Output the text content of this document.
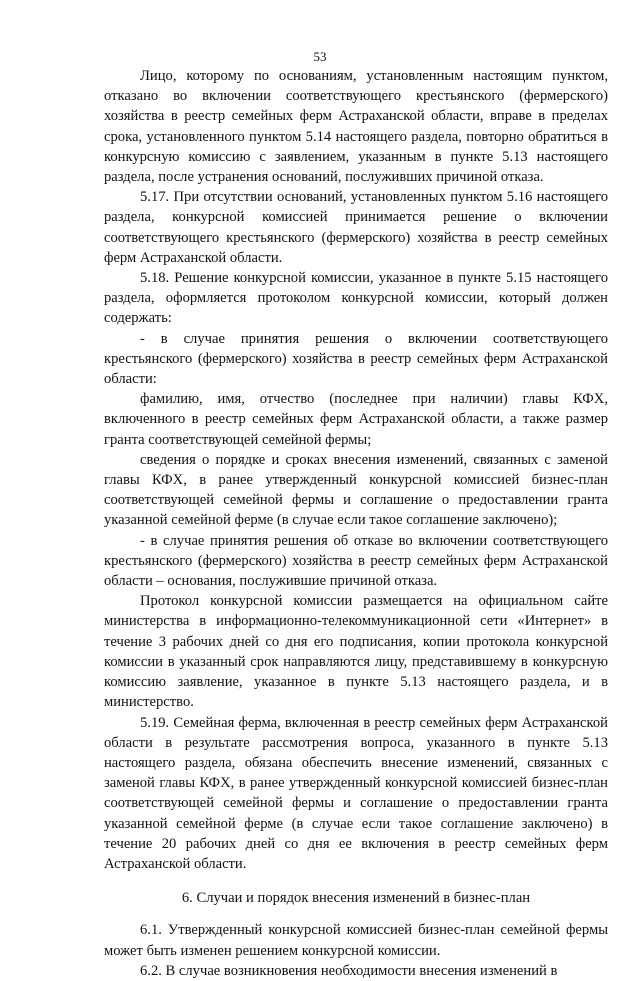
53

Лицо, которому по основаниям, установленным настоящим пунктом, отказано во включении соответствующего крестьянского (фермерского) хозяйства в реестр семейных ферм Астраханской области, вправе в пределах срока, установленного пунктом 5.14 настоящего раздела, повторно обратиться в конкурсную комиссию с заявлением, указанным в пункте 5.13 настоящего раздела, после устранения оснований, послуживших причиной отказа.

5.17. При отсутствии оснований, установленных пунктом 5.16 настоящего раздела, конкурсной комиссией принимается решение о включении соответствующего крестьянского (фермерского) хозяйства в реестр семейных ферм Астраханской области.

5.18. Решение конкурсной комиссии, указанное в пункте 5.15 настоящего раздела, оформляется протоколом конкурсной комиссии, который должен содержать:

- в случае принятия решения о включении соответствующего крестьянского (фермерского) хозяйства в реестр семейных ферм Астраханской области:

фамилию, имя, отчество (последнее при наличии) главы КФХ, включенного в реестр семейных ферм Астраханской области, а также размер гранта соответствующей семейной фермы;

сведения о порядке и сроках внесения изменений, связанных с заменой главы КФХ, в ранее утвержденный конкурсной комиссией бизнес-план соответствующей семейной фермы и соглашение о предоставлении гранта указанной семейной ферме (в случае если такое соглашение заключено);

- в случае принятия решения об отказе во включении соответствующего крестьянского (фермерского) хозяйства в реестр семейных ферм Астраханской области – основания, послужившие причиной отказа.

Протокол конкурсной комиссии размещается на официальном сайте министерства в информационно-телекоммуникационной сети «Интернет» в течение 3 рабочих дней со дня его подписания, копии протокола конкурсной комиссии в указанный срок направляются лицу, представившему в конкурсную комиссию заявление, указанное в пункте 5.13 настоящего раздела, и в министерство.

5.19. Семейная ферма, включенная в реестр семейных ферм Астраханской области в результате рассмотрения вопроса, указанного в пункте 5.13 настоящего раздела, обязана обеспечить внесение изменений, связанных с заменой главы КФХ, в ранее утвержденный конкурсной комиссией бизнес-план соответствующей семейной фермы и соглашение о предоставлении гранта указанной семейной ферме (в случае если такое соглашение заключено) в течение 20 рабочих дней со дня ее включения в реестр семейных ферм Астраханской области.

6. Случаи и порядок внесения изменений в бизнес-план

6.1. Утвержденный конкурсной комиссией бизнес-план семейной фермы может быть изменен решением конкурсной комиссии.

6.2. В случае возникновения необходимости внесения изменений в
